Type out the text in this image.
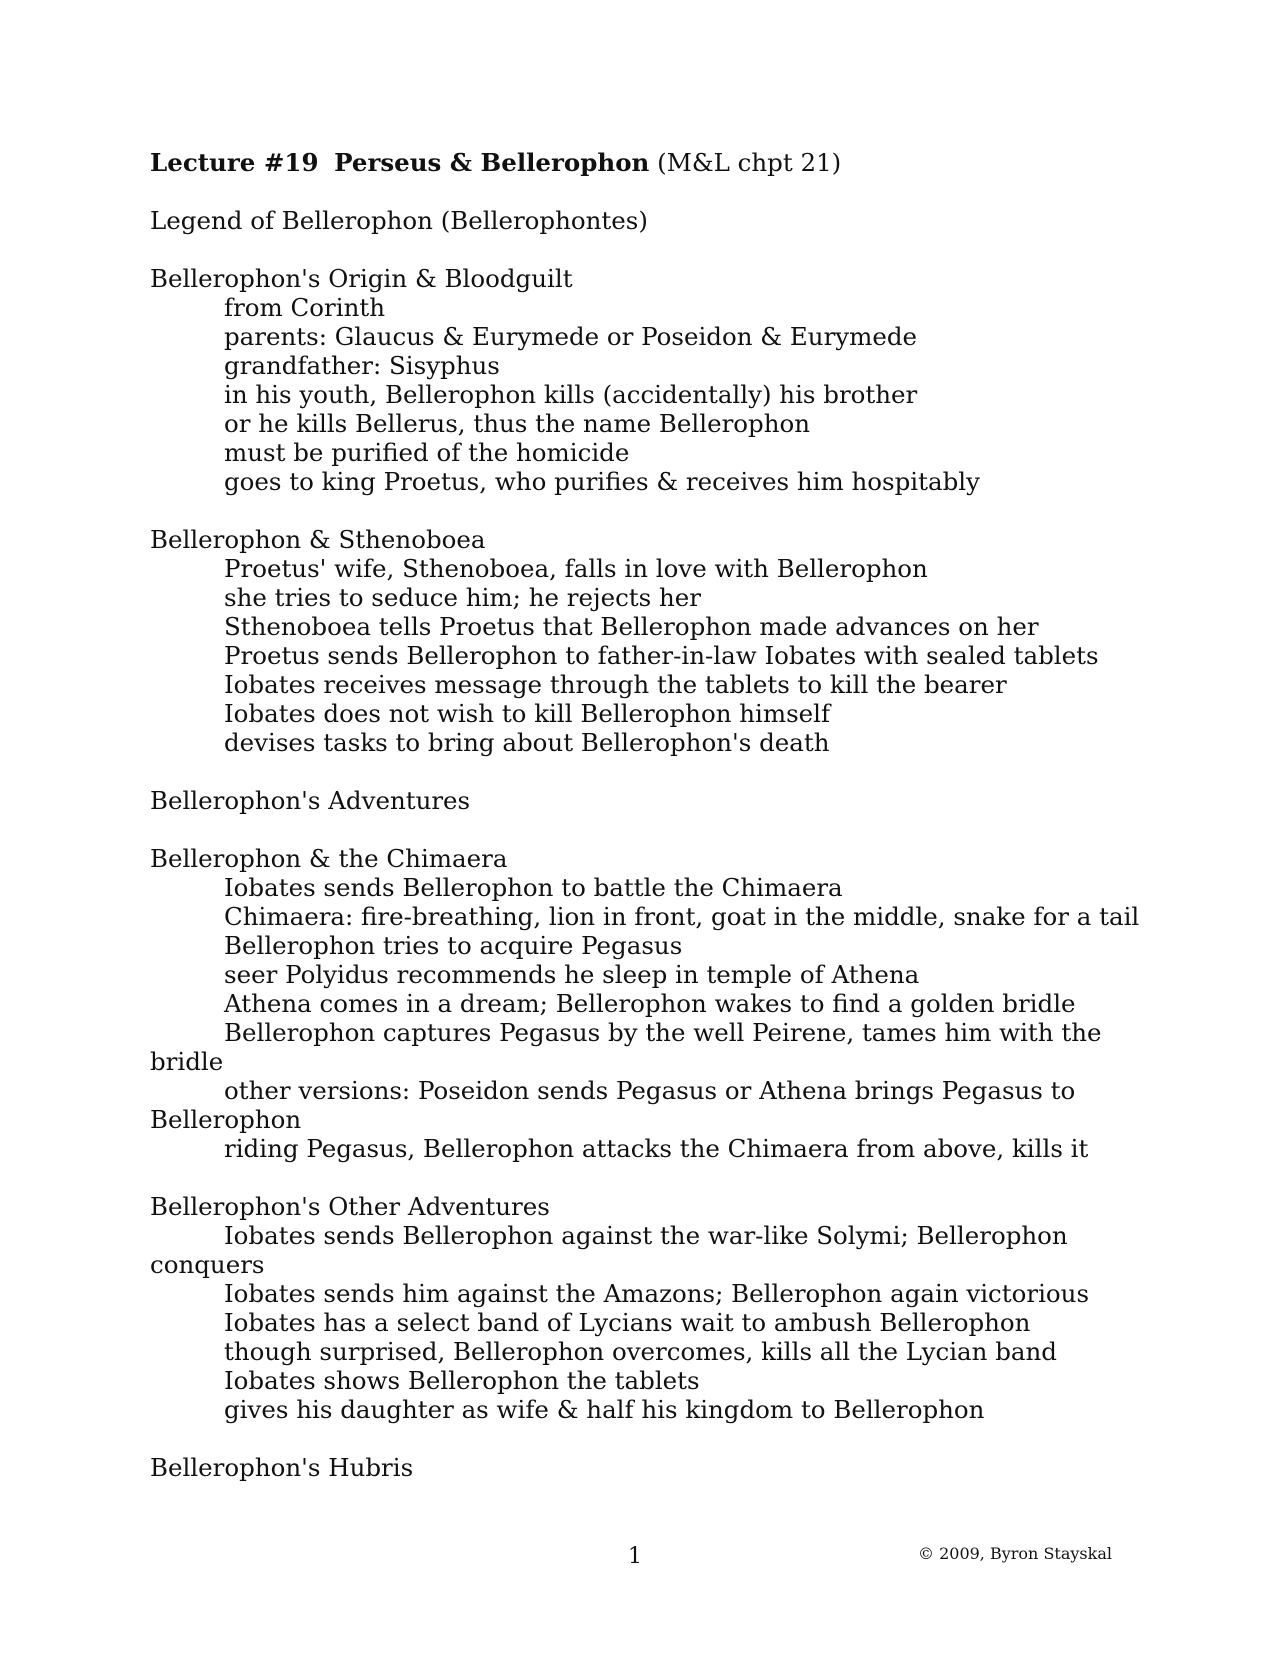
Lecture #19 Perseus & Bellerophon (M&L chpt 21)
Legend of Bellerophon (Bellerophontes)
Bellerophon's Origin & Bloodguilt
from Corinth
parents: Glaucus & Eurymede or Poseidon & Eurymede
grandfather: Sisyphus
in his youth, Bellerophon kills (accidentally) his brother
or he kills Bellerus, thus the name Bellerophon
must be purified of the homicide
goes to king Proetus, who purifies & receives him hospitably
Bellerophon & Sthenoboea
Proetus' wife, Sthenoboea, falls in love with Bellerophon
she tries to seduce him; he rejects her
Sthenoboea tells Proetus that Bellerophon made advances on her
Proetus sends Bellerophon to father-in-law Iobates with sealed tablets
Iobates receives message through the tablets to kill the bearer
Iobates does not wish to kill Bellerophon himself
devises tasks to bring about Bellerophon's death
Bellerophon's Adventures
Bellerophon & the Chimaera
Iobates sends Bellerophon to battle the Chimaera
Chimaera: fire-breathing, lion in front, goat in the middle, snake for a tail
Bellerophon tries to acquire Pegasus
seer Polyidus recommends he sleep in temple of Athena
Athena comes in a dream; Bellerophon wakes to find a golden bridle
Bellerophon captures Pegasus by the well Peirene, tames him with the bridle
other versions: Poseidon sends Pegasus or Athena brings Pegasus to Bellerophon
riding Pegasus, Bellerophon attacks the Chimaera from above, kills it
Bellerophon's Other Adventures
Iobates sends Bellerophon against the war-like Solymi; Bellerophon conquers
Iobates sends him against the Amazons; Bellerophon again victorious
Iobates has a select band of Lycians wait to ambush Bellerophon
though surprised, Bellerophon overcomes, kills all the Lycian band
Iobates shows Bellerophon the tablets
gives his daughter as wife & half his kingdom to Bellerophon
Bellerophon's Hubris
1	© 2009, Byron Stayskal
